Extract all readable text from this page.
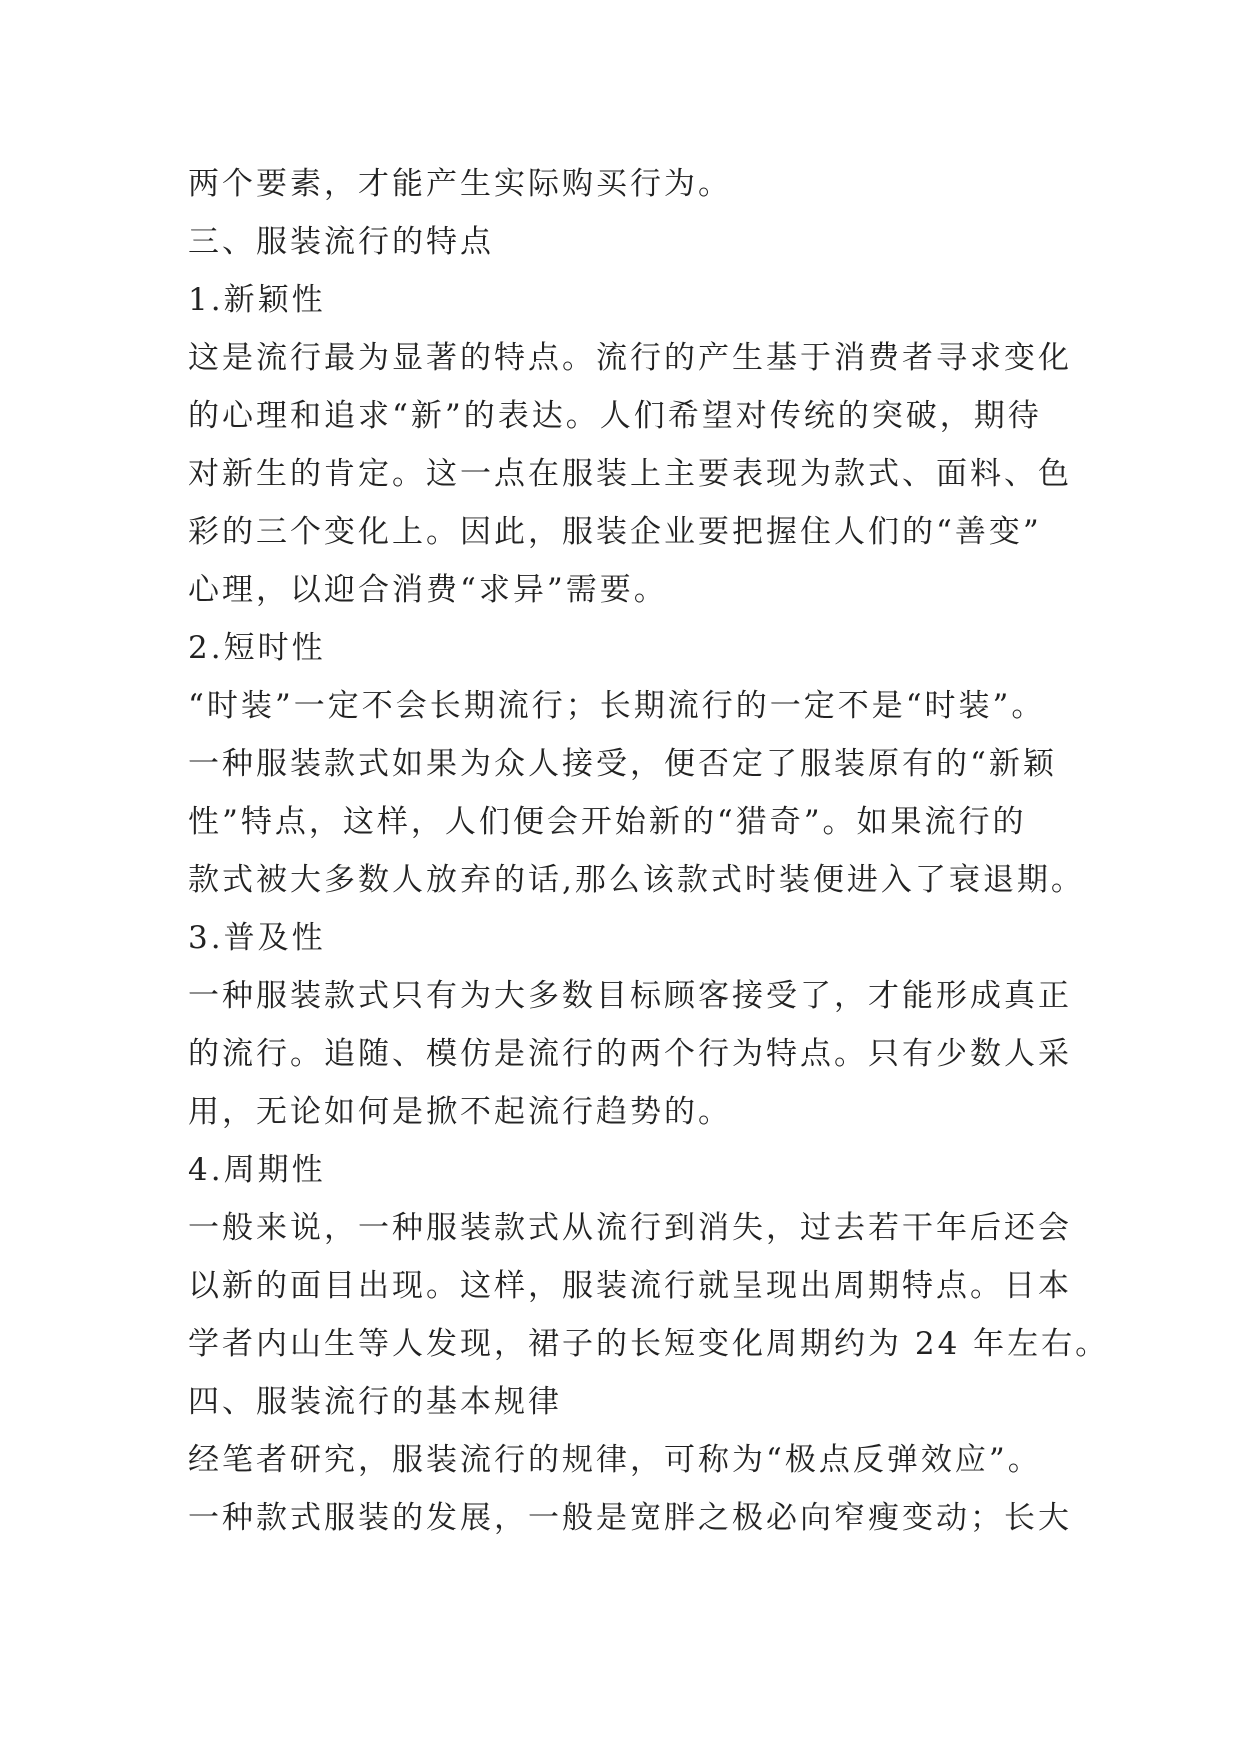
两个要素，才能产生实际购买行为。
三、服装流行的特点
1.新颖性
这是流行最为显著的特点。流行的产生基于消费者寻求变化
的心理和追求“新”的表达。人们希望对传统的突破，期待
对新生的肯定。这一点在服装上主要表现为款式、面料、色
彩的三个变化上。因此，服装企业要把握住人们的“善变”
心理，以迎合消费“求异”需要。
2.短时性
“时装”一定不会长期流行；长期流行的一定不是“时装”。
一种服装款式如果为众人接受，便否定了服装原有的“新颖
性”特点，这样，人们便会开始新的“猎奇”。如果流行的
款式被大多数人放弃的话,那么该款式时装便进入了衰退期。
3.普及性
一种服装款式只有为大多数目标顾客接受了，才能形成真正
的流行。追随、模仿是流行的两个行为特点。只有少数人采
用，无论如何是掀不起流行趋势的。
4.周期性
一般来说，一种服装款式从流行到消失，过去若干年后还会
以新的面目出现。这样，服装流行就呈现出周期特点。日本
学者内山生等人发现，裙子的长短变化周期约为 24 年左右。
四、服装流行的基本规律
经笔者研究，服装流行的规律，可称为“极点反弹效应”。
一种款式服装的发展，一般是宽胖之极必向窄瘦变动；长大
